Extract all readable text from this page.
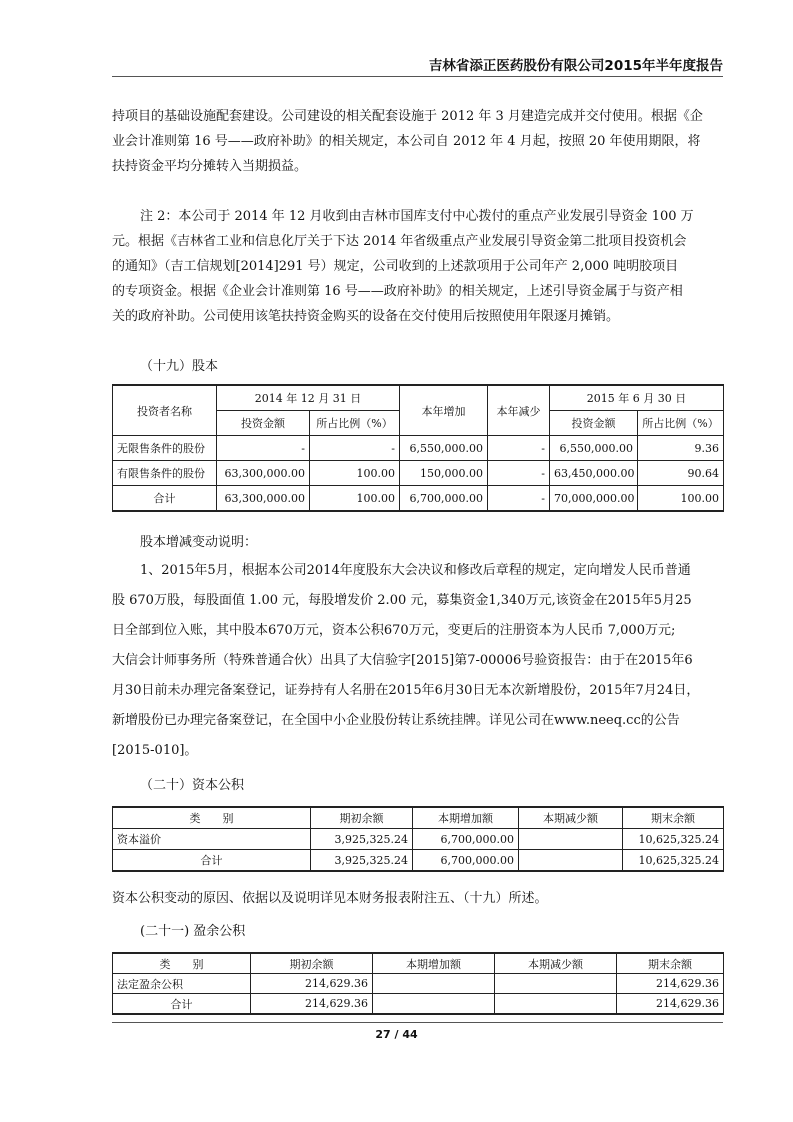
吉林省添正医药股份有限公司2015年半年度报告
持项目的基础设施配套建设。公司建设的相关配套设施于 2012 年 3 月建造完成并交付使用。根据《企
业会计准则第 16 号——政府补助》的相关规定，本公司自 2012 年 4 月起，按照 20 年使用期限，将
扶持资金平均分摊转入当期损益。
注 2：本公司于 2014 年 12 月收到由吉林市国库支付中心拨付的重点产业发展引导资金 100 万
元。根据《吉林省工业和信息化厅关于下达 2014 年省级重点产业发展引导资金第二批项目投资机会
的通知》（吉工信规划[2014]291 号）规定，公司收到的上述款项用于公司年产 2,000 吨明胶项目
的专项资金。根据《企业会计准则第 16 号——政府补助》的相关规定，上述引导资金属于与资产相
关的政府补助。公司使用该笔扶持资金购买的设备在交付使用后按照使用年限逐月摊销。
（十九）股本
投资者名称	2014 年 12 月 31 日		本年增加	本年减少	2015 年 6 月 30 日	
	投资金额	所占比例（%）			投资金额	所占比例（%）
无限售条件的股份	-	-	6,550,000.00	-	6,550,000.00	9.36
有限售条件的股份	63,300,000.00	100.00	150,000.00	-	63,450,000.00	90.64
合计	63,300,000.00	100.00	6,700,000.00	-	70,000,000.00	100.00
股本增减变动说明：
1、2015年5月，根据本公司2014年度股东大会决议和修改后章程的规定，定向增发人民币普通
股 670万股，每股面值 1.00 元，每股增发价 2.00 元，募集资金1,340万元,该资金在2015年5月25
日全部到位入账，其中股本670万元，资本公积670万元，变更后的注册资本为人民币 7,000万元;
大信会计师事务所（特殊普通合伙）出具了大信验字[2015]第7-00006号验资报告：由于在2015年6
月30日前未办理完备案登记，证券持有人名册在2015年6月30日无本次新增股份，2015年7月24日，
新增股份已办理完备案登记，在全国中小企业股份转让系统挂牌。详见公司在www.neeq.cc的公告
[2015-010]。
（二十）资本公积
类　　别	期初余额	本期增加额	本期减少额	期末余额
资本溢价	3,925,325.24	6,700,000.00		10,625,325.24
合计	3,925,325.24	6,700,000.00		10,625,325.24
资本公积变动的原因、依据以及说明详见本财务报表附注五、（十九）所述。
(二十一) 盈余公积
类　　别	期初余额	本期增加额	本期减少额	期末余额
法定盈余公积	214,629.36			214,629.36
合计	214,629.36			214,629.36
27 / 44
